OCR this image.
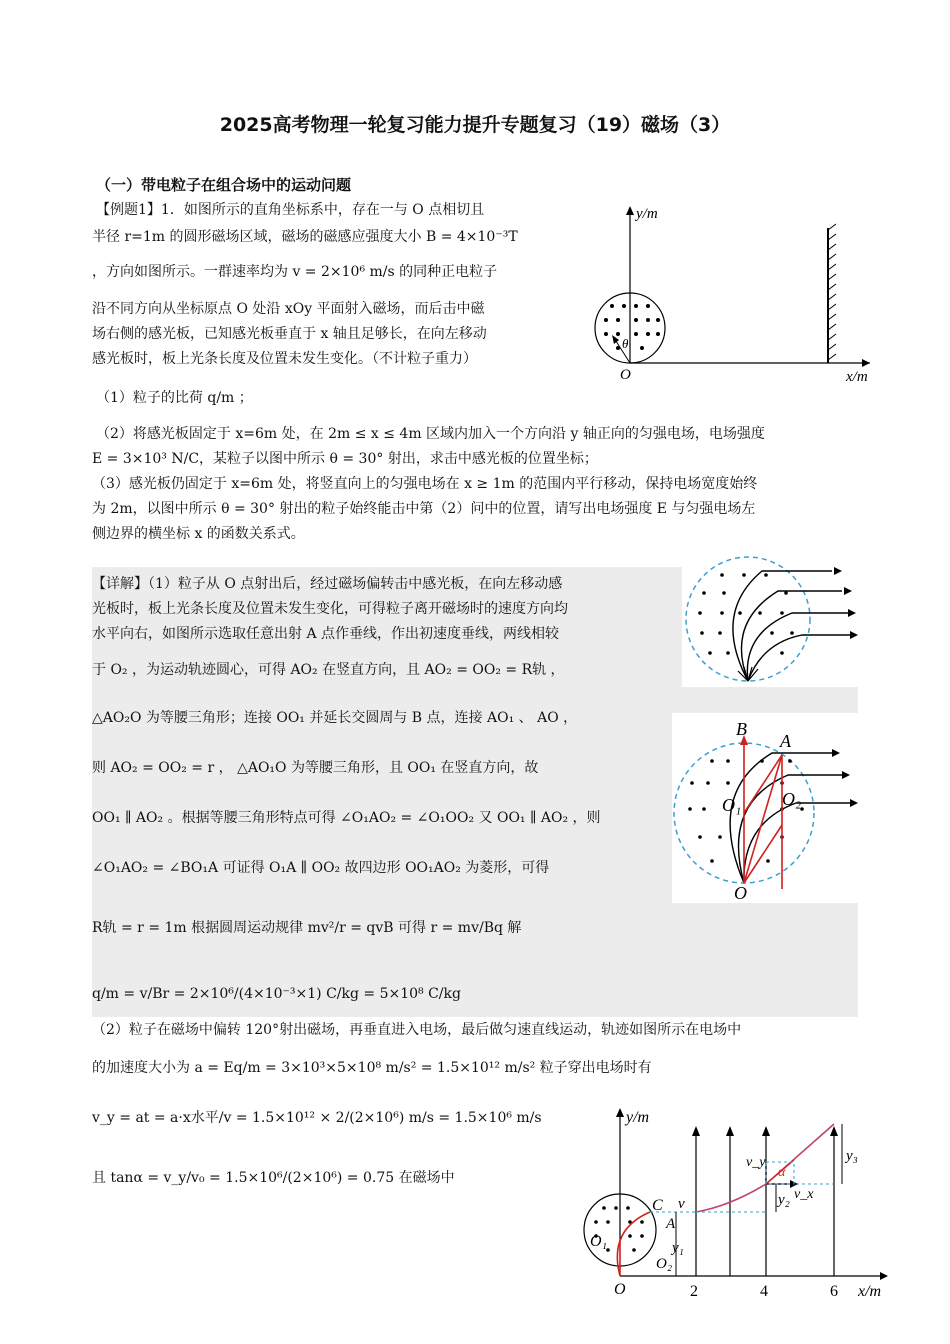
2025高考物理一轮复习能力提升专题复习（19）磁场（3）
（一）带电粒子在组合场中的运动问题
【例题1】1．如图所示的直角坐标系中，存在一与 O 点相切且
半径 r=1m 的圆形磁场区域，磁场的磁感应强度大小 B = 4×10⁻³T
，方向如图所示。一群速率均为 v = 2×10⁶ m/s 的同种正电粒子
沿不同方向从坐标原点 O 处沿 xOy 平面射入磁场，而后击中磁
场右侧的感光板，已知感光板垂直于 x 轴且足够长，在向左移动
感光板时，板上光条长度及位置未发生变化。（不计粒子重力）
（1）粒子的比荷 q/m ；
（2）将感光板固定于 x=6m 处，在 2m ≤ x ≤ 4m 区域内加入一个方向沿 y 轴正向的匀强电场，电场强度
E = 3×10³ N/C，某粒子以图中所示 θ = 30° 射出，求击中感光板的位置坐标；
（3）感光板仍固定于 x=6m 处，将竖直向上的匀强电场在 x ≥ 1m 的范围内平行移动，保持电场宽度始终
为 2m，以图中所示 θ = 30° 射出的粒子始终能击中第（2）问中的位置，请写出电场强度 E 与匀强电场左
侧边界的横坐标 x 的函数关系式。
y/m
x/m
O
θ
B
A
O₁ O₂
O
【详解】（1）粒子从 O 点射出后，经过磁场偏转击中感光板，在向左移动感
光板时，板上光条长度及位置未发生变化，可得粒子离开磁场时的速度方向均
水平向右，如图所示选取任意出射 A 点作垂线，作出初速度垂线，两线相较
于 O₂ ，为运动轨迹圆心，可得 AO₂ 在竖直方向，且 AO₂ = OO₂ = R轨 ，
△AO₂O 为等腰三角形；连接 OO₁ 并延长交圆周与 B 点，连接 AO₁ 、 AO ，
则 AO₂ = OO₂ = r ， △AO₁O 为等腰三角形，且 OO₁ 在竖直方向，故
OO₁ ∥ AO₂ 。根据等腰三角形特点可得 ∠O₁AO₂ = ∠O₁OO₂ 又 OO₁ ∥ AO₂ ，则
∠O₁AO₂ = ∠BO₁A 可证得 O₁A ∥ OO₂ 故四边形 OO₁AO₂ 为菱形，可得
R轨 = r = 1m 根据圆周运动规律 mv²/r = qvB 可得 r = mv/Bq 解
q/m = v/Br = 2×10⁶/(4×10⁻³×1) C/kg = 5×10⁸ C/kg
（2）粒子在磁场中偏转 120°射出磁场，再垂直进入电场，最后做匀速直线运动，轨迹如图所示在电场中
的加速度大小为 a = Eq/m = 3×10³×5×10⁸ m/s² = 1.5×10¹² m/s² 粒子穿出电场时有
v_y = at = a·x水平/v = 1.5×10¹² × 2/(2×10⁶) m/s = 1.5×10⁶ m/s
且 tanα = v_y/v₀ = 1.5×10⁶/(2×10⁶) = 0.75 在磁场中
y/m
x/m
O	2	4	6
O₁
C
A
O₂
v
y₁
y₂ v_x
v_y
α
y₃
